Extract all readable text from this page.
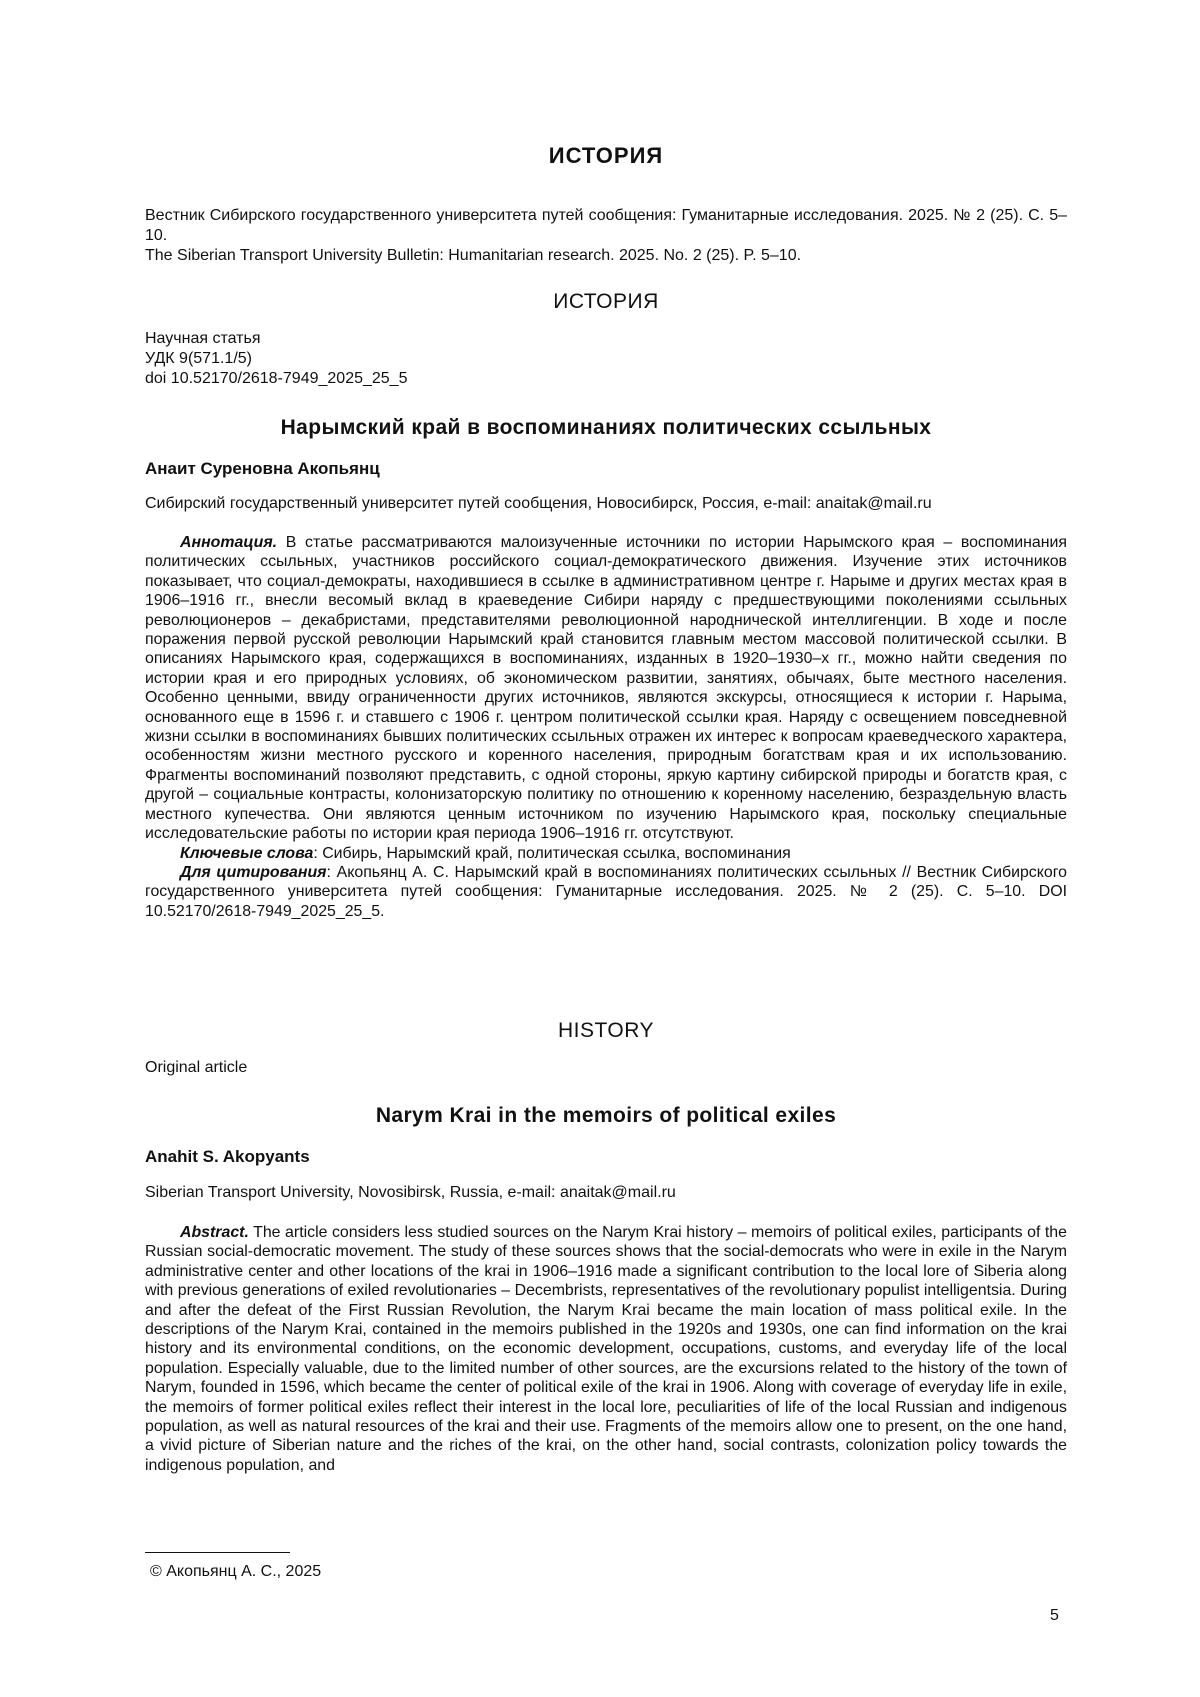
ИСТОРИЯ

Вестник Сибирского государственного университета путей сообщения: Гуманитарные исследования. 2025. № 2 (25). С. 5–10.

The Siberian Transport University Bulletin: Humanitarian research. 2025. No. 2 (25). P. 5–10.

ИСТОРИЯ

Научная статья

УДК 9(571.1/5)

doi 10.52170/2618-7949_2025_25_5

Нарымский край в воспоминаниях политических ссыльных
Анаит Суреновна Акопьянц

Сибирский государственный университет путей сообщения, Новосибирск, Россия, e-mail: anaitak@mail.ru

Аннотация. В статье рассматриваются малоизученные источники по истории Нарымского края – воспоминания политических ссыльных, участников российского социал-демократического движения. Изучение этих источников показывает, что социал-демократы, находившиеся в ссылке в административном центре г. Нарыме и других местах края в 1906–1916 гг., внесли весомый вклад в краеведение Сибири наряду с предшествующими поколениями ссыльных революционеров – декабристами, представителями революционной народнической интеллигенции. В ходе и после поражения первой русской революции Нарымский край становится главным местом массовой политической ссылки. В описаниях Нарымского края, содержащихся в воспоминаниях, изданных в 1920–1930–х гг., можно найти сведения по истории края и его природных условиях, об экономическом развитии, занятиях, обычаях, быте местного населения. Особенно ценными, ввиду ограниченности других источников, являются экскурсы, относящиеся к истории г. Нарыма, основанного еще в 1596 г. и ставшего с 1906 г. центром политической ссылки края. Наряду с освещением повседневной жизни ссылки в воспоминаниях бывших политических ссыльных отражен их интерес к вопросам краеведческого характера, особенностям жизни местного русского и коренного населения, природным богатствам края и их использованию. Фрагменты воспоминаний позволяют представить, с одной стороны, яркую картину сибирской природы и богатств края, с другой – социальные контрасты, колонизаторскую политику по отношению к коренному населению, безраздельную власть местного купечества. Они являются ценным источником по изучению Нарымского края, поскольку специальные исследовательские работы по истории края периода 1906–1916 гг. отсутствуют.

Ключевые слова: Сибирь, Нарымский край, политическая ссылка, воспоминания

Для цитирования: Акопьянц А. С. Нарымский край в воспоминаниях политических ссыльных // Вестник Сибирского государственного университета путей сообщения: Гуманитарные исследования. 2025. № 2 (25). С. 5–10. DOI 10.52170/2618-7949_2025_25_5.

HISTORY

Original article

Narym Krai in the memoirs of political exiles
Anahit S. Akopyants

Siberian Transport University, Novosibirsk, Russia, e-mail: anaitak@mail.ru

Abstract. The article considers less studied sources on the Narym Krai history – memoirs of political exiles, participants of the Russian social-democratic movement. The study of these sources shows that the social-democrats who were in exile in the Narym administrative center and other locations of the krai in 1906–1916 made a significant contribution to the local lore of Siberia along with previous generations of exiled revolutionaries – Decembrists, representatives of the revolutionary populist intelligentsia. During and after the defeat of the First Russian Revolution, the Narym Krai became the main location of mass political exile. In the descriptions of the Narym Krai, contained in the memoirs published in the 1920s and 1930s, one can find information on the krai history and its environmental conditions, on the economic development, occupations, customs, and everyday life of the local population. Especially valuable, due to the limited number of other sources, are the excursions related to the history of the town of Narym, founded in 1596, which became the center of political exile of the krai in 1906. Along with coverage of everyday life in exile, the memoirs of former political exiles reflect their interest in the local lore, peculiarities of life of the local Russian and indigenous population, as well as natural resources of the krai and their use. Fragments of the memoirs allow one to present, on the one hand, a vivid picture of Siberian nature and the riches of the krai, on the other hand, social contrasts, colonization policy towards the indigenous population, and

© Акопьянц А. С., 2025
5
